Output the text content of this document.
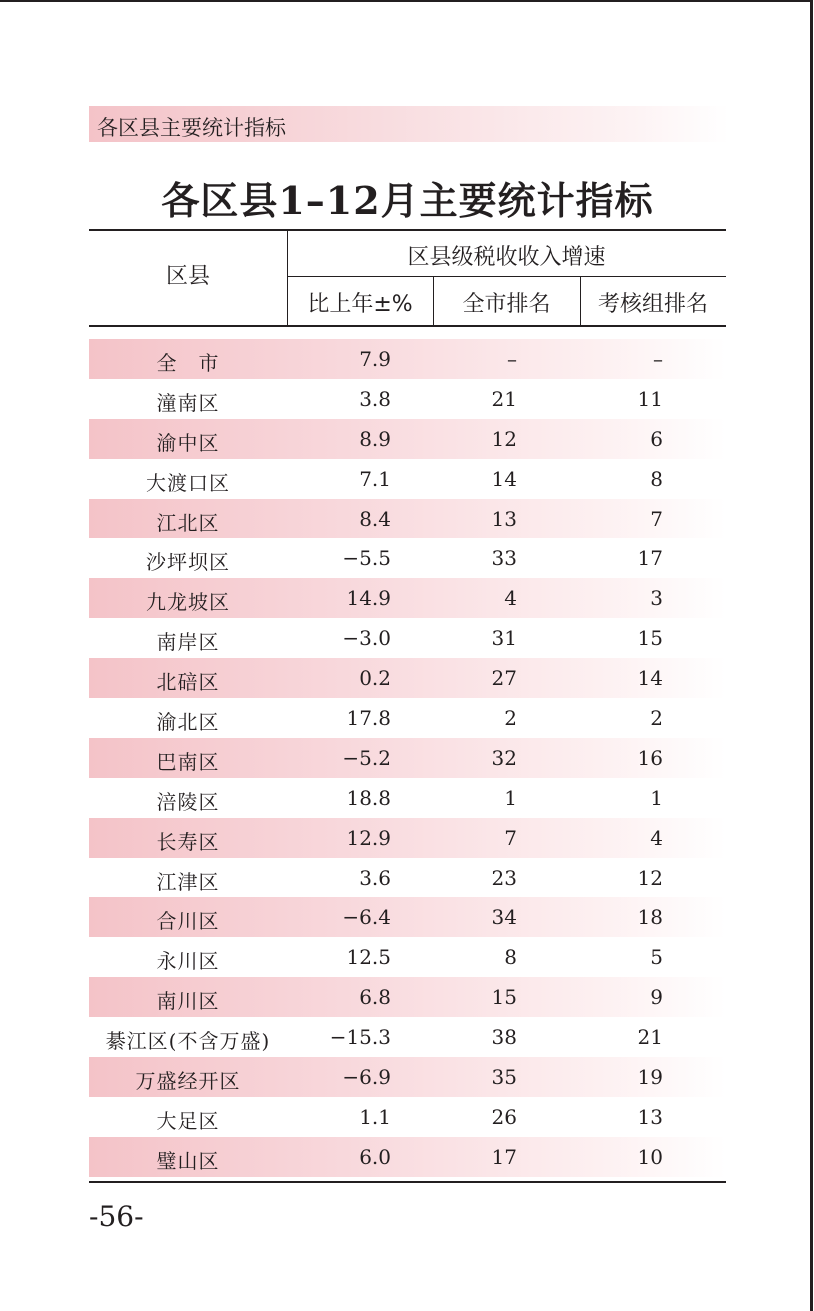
各区县主要统计指标
各区县1–12月主要统计指标
区县
区县级税收收入增速
比上年±%	全市排名	考核组排名
全　市	7.9	–	–
潼南区	3.8	21	11
渝中区	8.9	12	6
大渡口区	7.1	14	8
江北区	8.4	13	7
沙坪坝区	−5.5	33	17
九龙坡区	14.9	4	3
南岸区	−3.0	31	15
北碚区	0.2	27	14
渝北区	17.8	2	2
巴南区	−5.2	32	16
涪陵区	18.8	1	1
长寿区	12.9	7	4
江津区	3.6	23	12
合川区	−6.4	34	18
永川区	12.5	8	5
南川区	6.8	15	9
綦江区(不含万盛)	−15.3	38	21
万盛经开区	−6.9	35	19
大足区	1.1	26	13
璧山区	6.0	17	10
-56-
